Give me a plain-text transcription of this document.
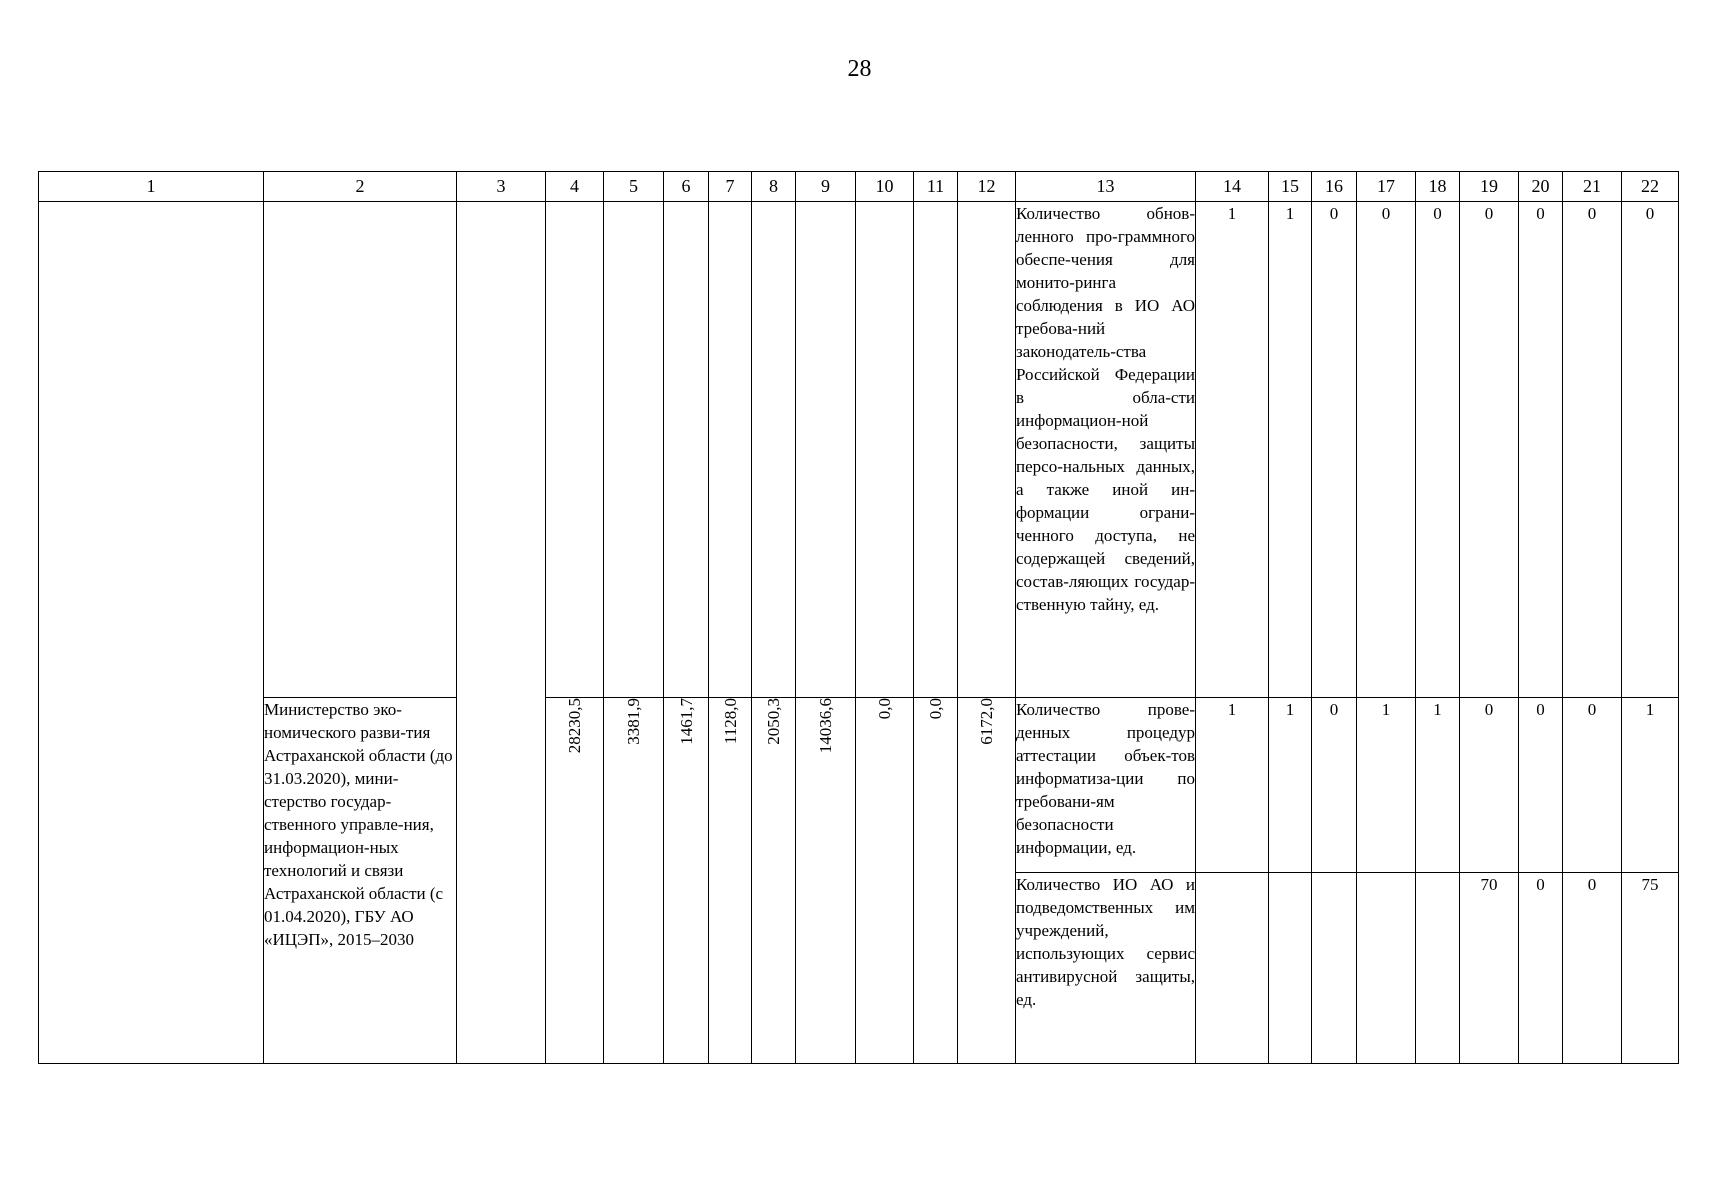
28
1	2	3	4	5	6	7	8	9	10	11	12	13	14	15	16	17	18	19	20	21	22
												Количество обнов-ленного про-граммного обеспе-чения для монито-ринга соблюдения в ИО АО требова-ний законодатель-ства Российской Федерации в обла-сти информацион-ной безопасности, защиты персо-нальных данных, а также иной ин-формации ограни-ченного доступа, не содержащей сведений, состав-ляющих государ-ственную тайну, ед.	1	1	0	0	0	0	0	0	0
	Министерство эко-номического разви-тия Астраханской области (до 31.03.2020), мини-стерство государ-ственного управле-ния, информацион-ных технологий и связи Астраханской области (с 01.04.2020), ГБУ АО «ИЦЭП», 2015–2030		28230,5	3381,9	1461,7	1128,0	2050,3	14036,6	0,0	0,0	6172,0	Количество прове-денных процедур аттестации объек-тов информатиза-ции по требовани-ям безопасности информации, ед.	1	1	0	1	1	0	0	0	1
												Количество ИО АО и подведомственных им учреждений, использующих сервис антивирусной защиты, ед.						70	0	0	75
